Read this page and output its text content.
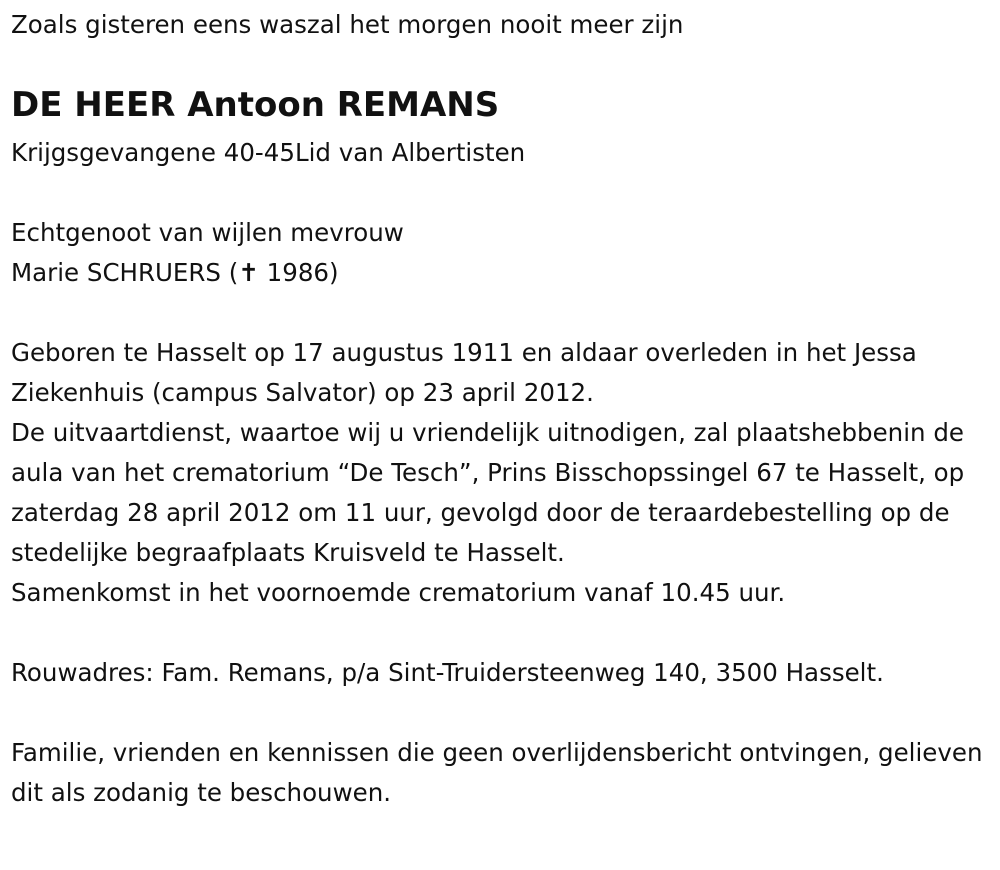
Zoals gisteren eens waszal het morgen nooit meer zijn

DE HEER Antoon REMANS

Krijgsgevangene 40-45Lid van Albertisten

Echtgenoot van wijlen mevrouw

Marie SCHRUERS (✝ 1986)

Geboren te Hasselt op 17 augustus 1911 en aldaar overleden in het Jessa Ziekenhuis (campus Salvator) op 23 april 2012.

De uitvaartdienst, waartoe wij u vriendelijk uitnodigen, zal plaatshebbenin de aula van het crematorium “De Tesch”, Prins Bisschopssingel 67 te Hasselt, op zaterdag 28 april 2012 om 11 uur, gevolgd door de teraardebestelling op de stedelijke begraafplaats Kruisveld te Hasselt.

Samenkomst in het voornoemde crematorium vanaf 10.45 uur.

Rouwadres: Fam. Remans, p/a Sint-Truidersteenweg 140, 3500 Hasselt.

Familie, vrienden en kennissen die geen overlijdensbericht ontvingen, gelieven dit als zodanig te beschouwen.
